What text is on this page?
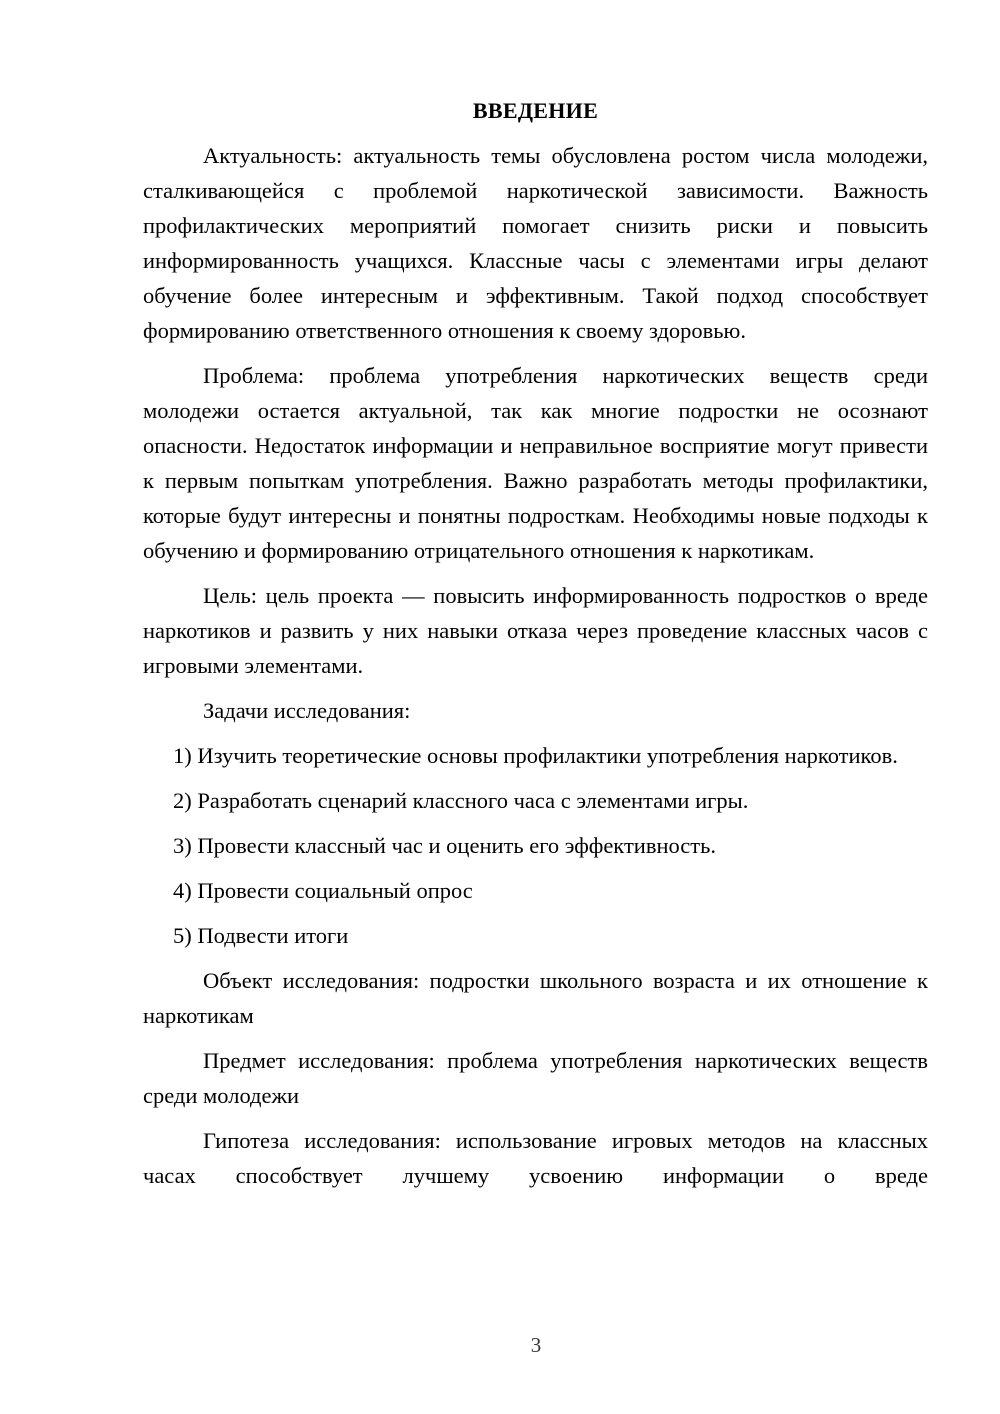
ВВЕДЕНИЕ

Актуальность: актуальность темы обусловлена ростом числа молодежи, сталкивающейся с проблемой наркотической зависимости. Важность профилактических мероприятий помогает снизить риски и повысить информированность учащихся. Классные часы с элементами игры делают обучение более интересным и эффективным. Такой подход способствует формированию ответственного отношения к своему здоровью.

Проблема: проблема употребления наркотических веществ среди молодежи остается актуальной, так как многие подростки не осознают опасности. Недостаток информации и неправильное восприятие могут привести к первым попыткам употребления. Важно разработать методы профилактики, которые будут интересны и понятны подросткам. Необходимы новые подходы к обучению и формированию отрицательного отношения к наркотикам.

Цель: цель проекта — повысить информированность подростков о вреде наркотиков и развить у них навыки отказа через проведение классных часов с игровыми элементами.

Задачи исследования:

1) Изучить теоретические основы профилактики употребления наркотиков.

2) Разработать сценарий классного часа с элементами игры.

3) Провести классный час и оценить его эффективность.

4) Провести социальный опрос

5) Подвести итоги

Объект исследования: подростки школьного возраста и их отношение к наркотикам

Предмет исследования: проблема употребления наркотических веществ среди молодежи

Гипотеза исследования: использование игровых методов на классных часах способствует лучшему усвоению информации о вреде

3
